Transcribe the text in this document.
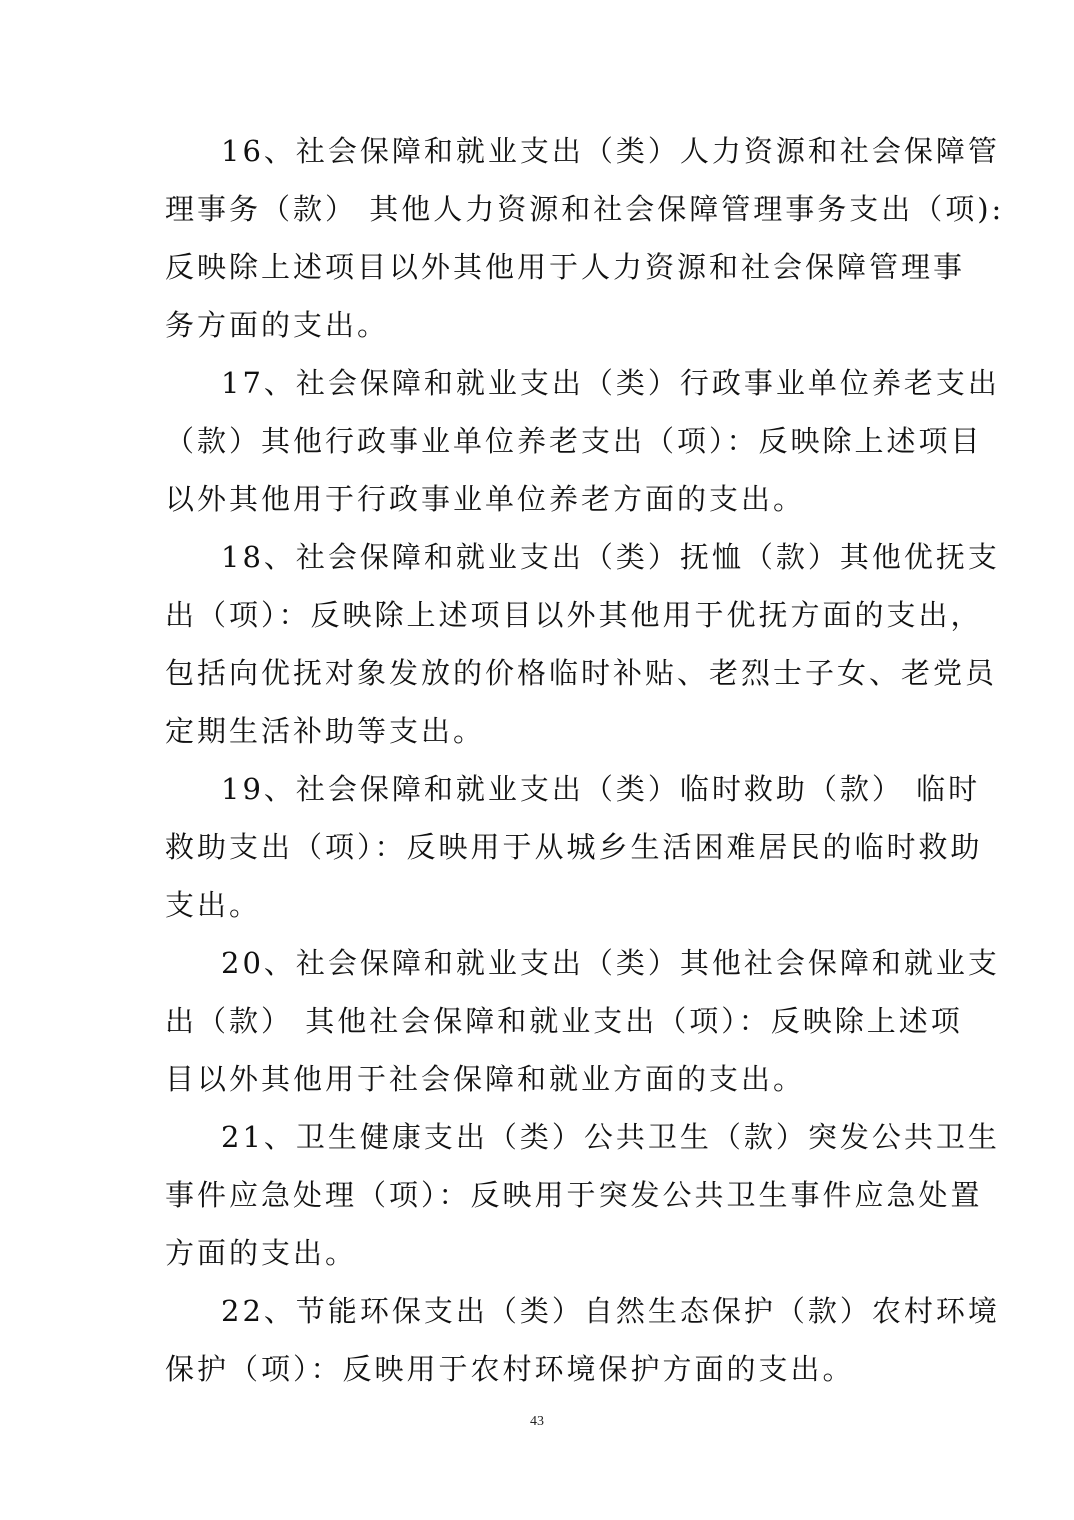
16、社会保障和就业支出（类）人力资源和社会保障管
理事务（款） 其他人力资源和社会保障管理事务支出（项):
反映除上述项目以外其他用于人力资源和社会保障管理事
务方面的支出。
17、社会保障和就业支出（类）行政事业单位养老支出
（款）其他行政事业单位养老支出（项）：反映除上述项目
以外其他用于行政事业单位养老方面的支出。
18、社会保障和就业支出（类）抚恤（款）其他优抚支
出（项）：反映除上述项目以外其他用于优抚方面的支出，
包括向优抚对象发放的价格临时补贴、老烈士子女、老党员
定期生活补助等支出。
19、社会保障和就业支出（类）临时救助（款） 临时
救助支出（项）：反映用于从城乡生活困难居民的临时救助
支出。
20、社会保障和就业支出（类）其他社会保障和就业支
出（款） 其他社会保障和就业支出（项）：反映除上述项
目以外其他用于社会保障和就业方面的支出。
21、卫生健康支出（类）公共卫生（款）突发公共卫生
事件应急处理（项）：反映用于突发公共卫生事件应急处置
方面的支出。
22、节能环保支出（类）自然生态保护（款）农村环境
保护（项）：反映用于农村环境保护方面的支出。
43
